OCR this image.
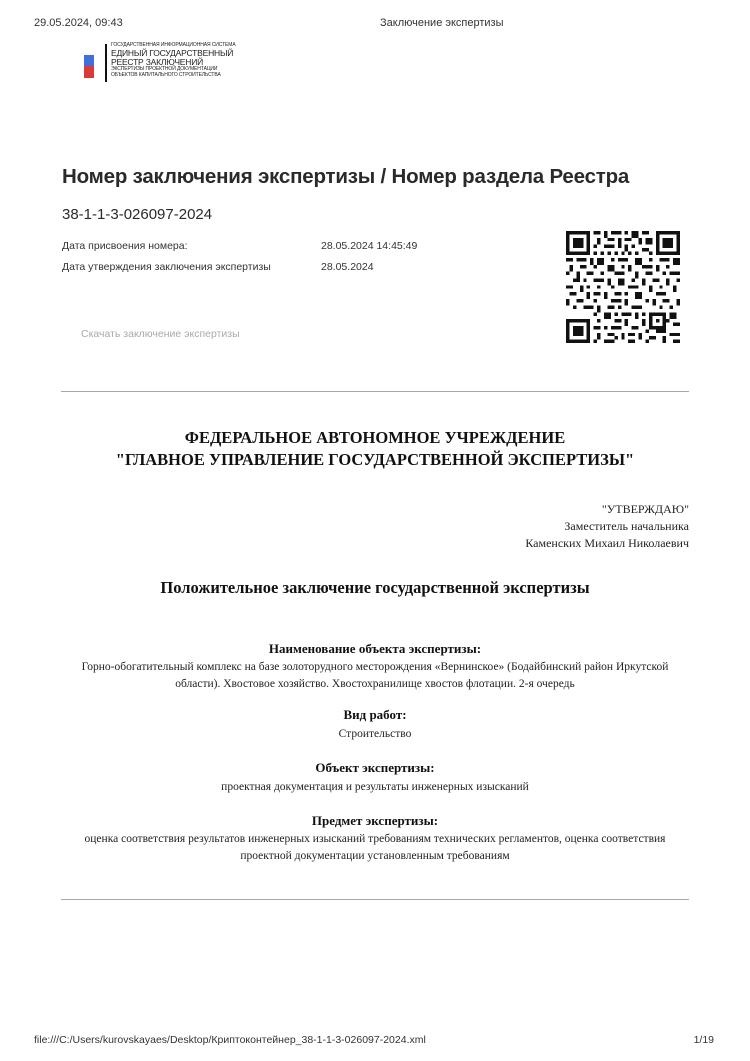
29.05.2024, 09:43	Заключение экспертизы
ГОСУДАРСТВЕННАЯ ИНФОРМАЦИОННАЯ СИСТЕМА
ЕДИНЫЙ ГОСУДАРСТВЕННЫЙ
РЕЕСТР ЗАКЛЮЧЕНИЙ
ЭКСПЕРТИЗЫ ПРОЕКТНОЙ ДОКУМЕНТАЦИИ
ОБЪЕКТОВ КАПИТАЛЬНОГО СТРОИТЕЛЬСТВА
Номер заключения экспертизы / Номер раздела Реестра
38-1-1-3-026097-2024
Дата присвоения номера:	28.05.2024 14:45:49
Дата утверждения заключения экспертизы	28.05.2024
Скачать заключение экспертизы
ФЕДЕРАЛЬНОЕ АВТОНОМНОЕ УЧРЕЖДЕНИЕ
"ГЛАВНОЕ УПРАВЛЕНИЕ ГОСУДАРСТВЕННОЙ ЭКСПЕРТИЗЫ"
"УТВЕРЖДАЮ"
Заместитель начальника
Каменских Михаил Николаевич
Положительное заключение государственной экспертизы
Наименование объекта экспертизы:
Горно-обогатительный комплекс на базе золоторудного месторождения «Вернинское» (Бодайбинский район Иркутской области). Хвостовое хозяйство. Хвостохранилище хвостов флотации. 2-я очередь
Вид работ:
Строительство
Объект экспертизы:
проектная документация и результаты инженерных изысканий
Предмет экспертизы:
оценка соответствия результатов инженерных изысканий требованиям технических регламентов, оценка соответствия проектной документации установленным требованиям
file:///C:/Users/kurovskayaes/Desktop/Криптоконтейнер_38-1-1-3-026097-2024.xml	1/19
